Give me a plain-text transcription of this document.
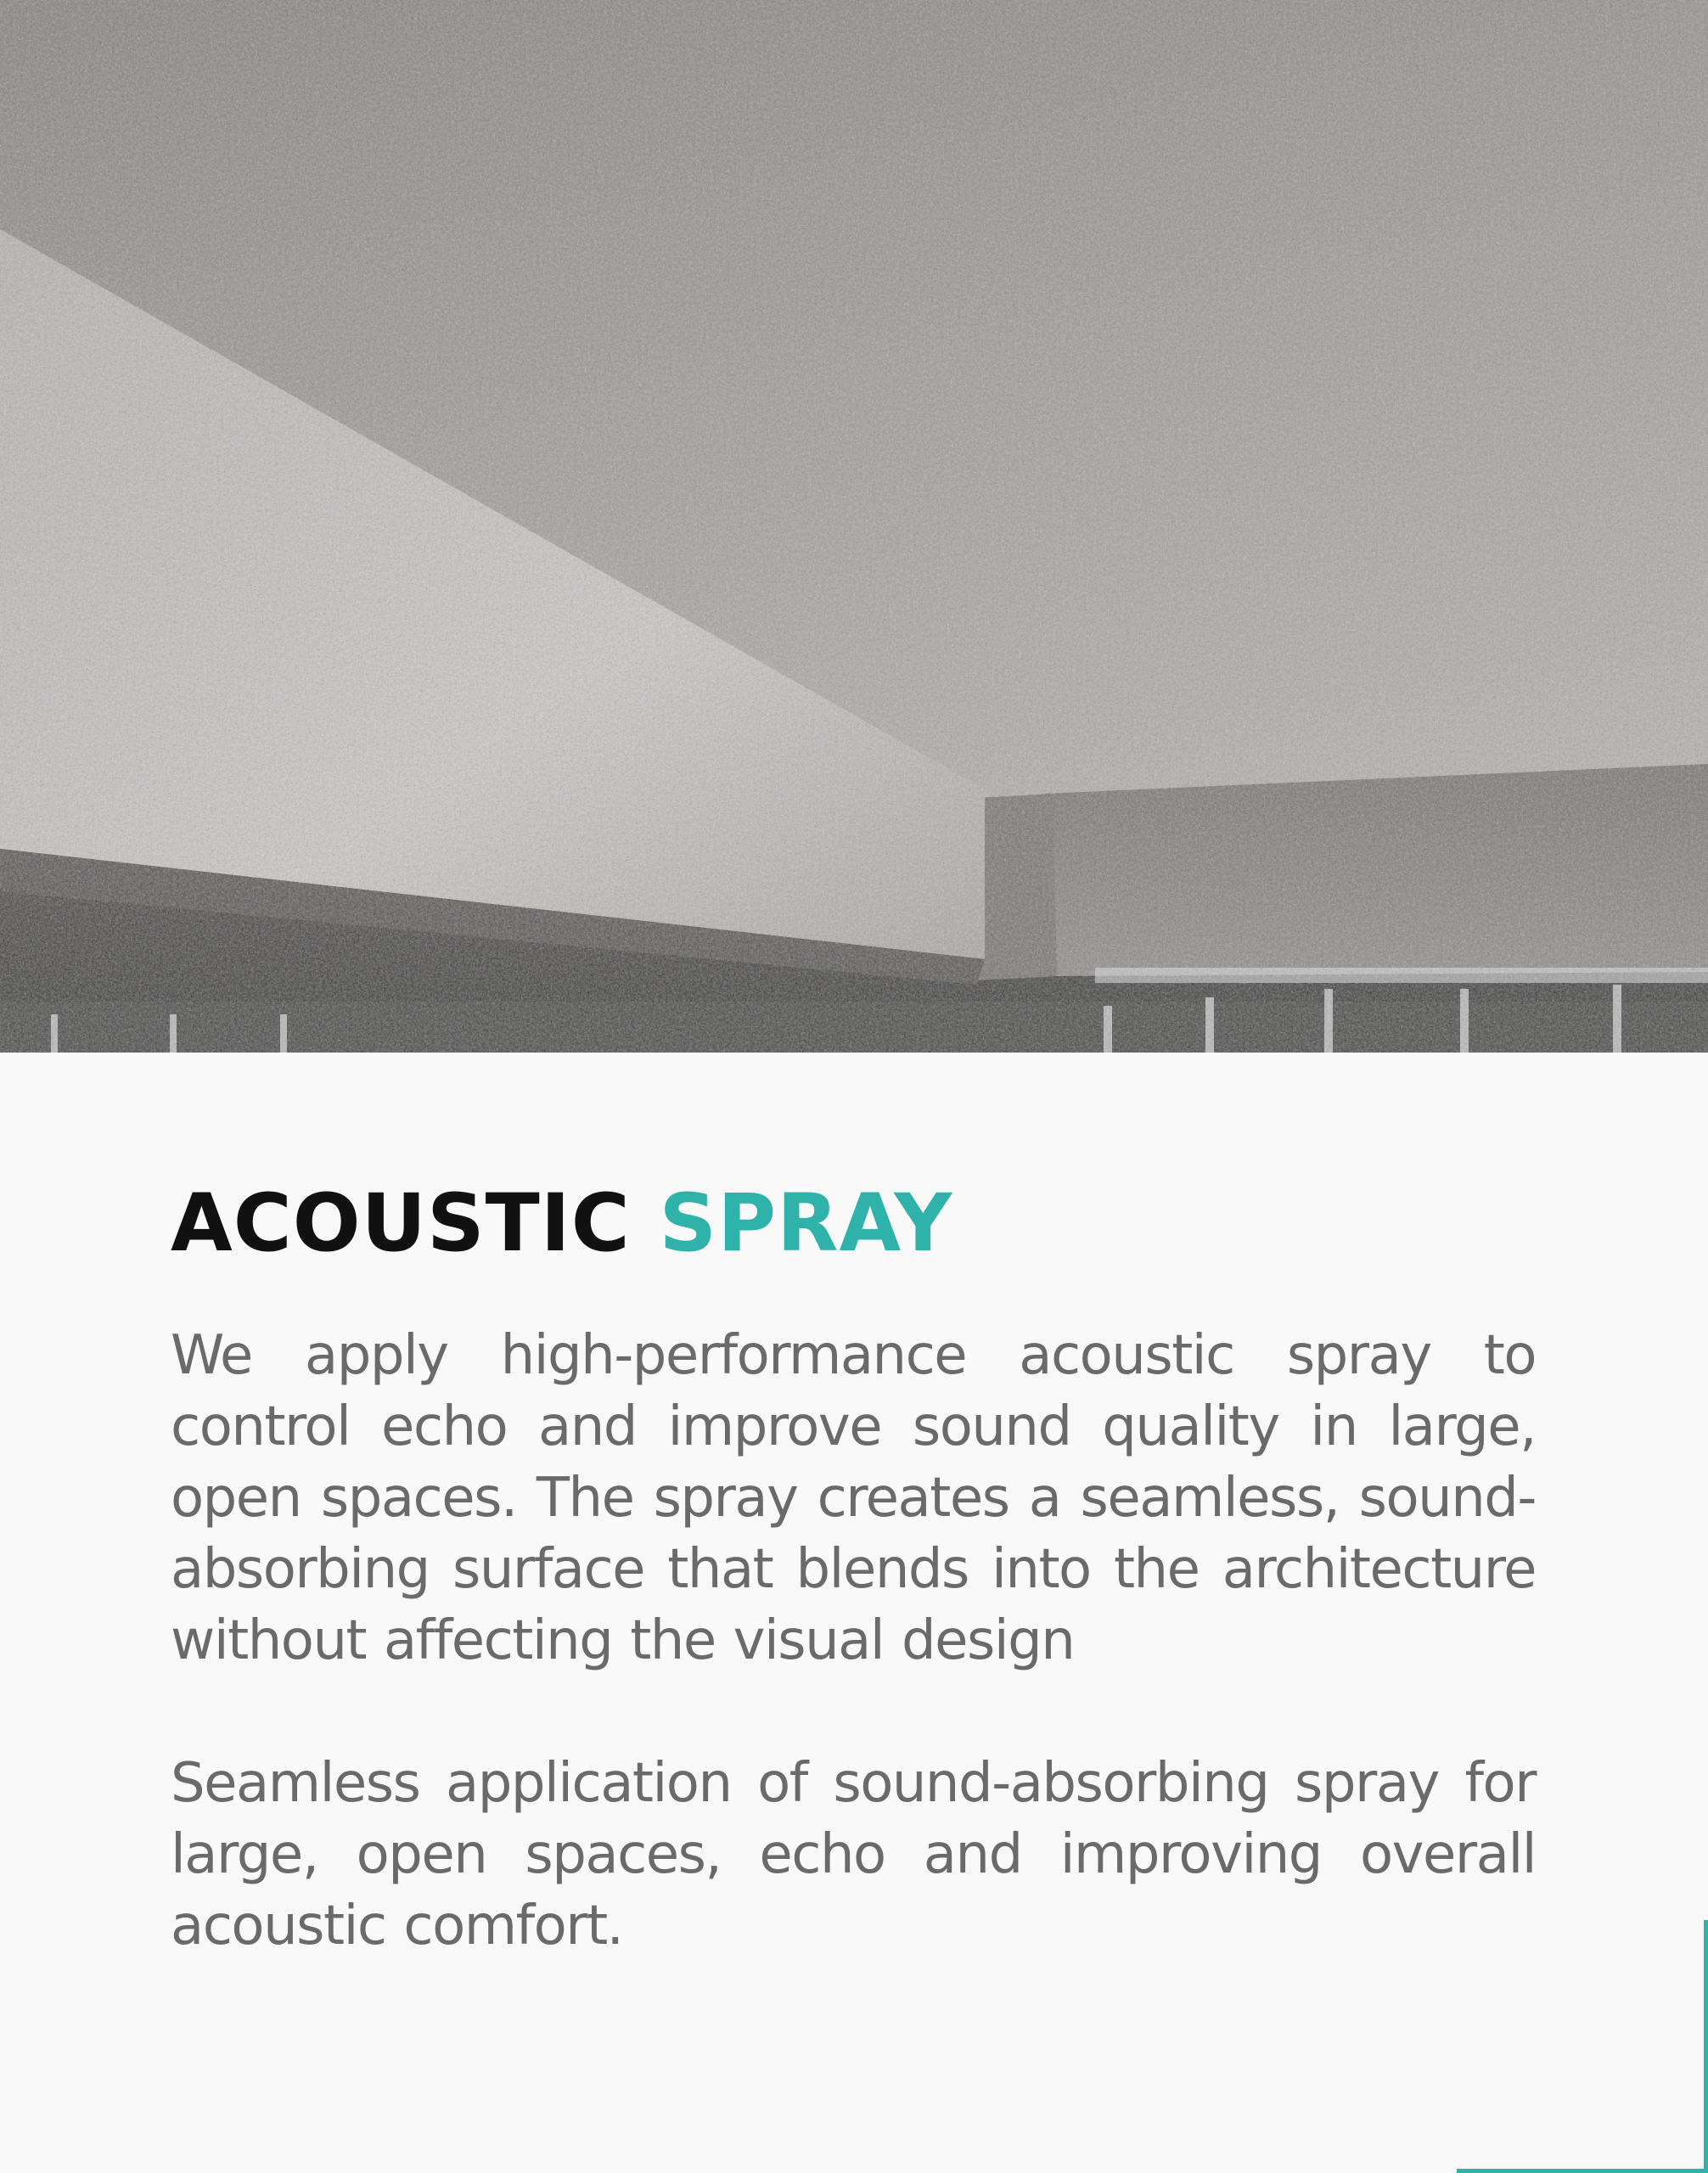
ACOUSTIC SPRAY

We apply high-performance acoustic spray to control echo and improve sound quality in large, open spaces. The spray creates a seamless, sound-absorbing surface that blends into the architecture without affecting the visual design

Seamless application of sound-absorbing spray for large, open spaces, echo and improving overall acoustic comfort.
